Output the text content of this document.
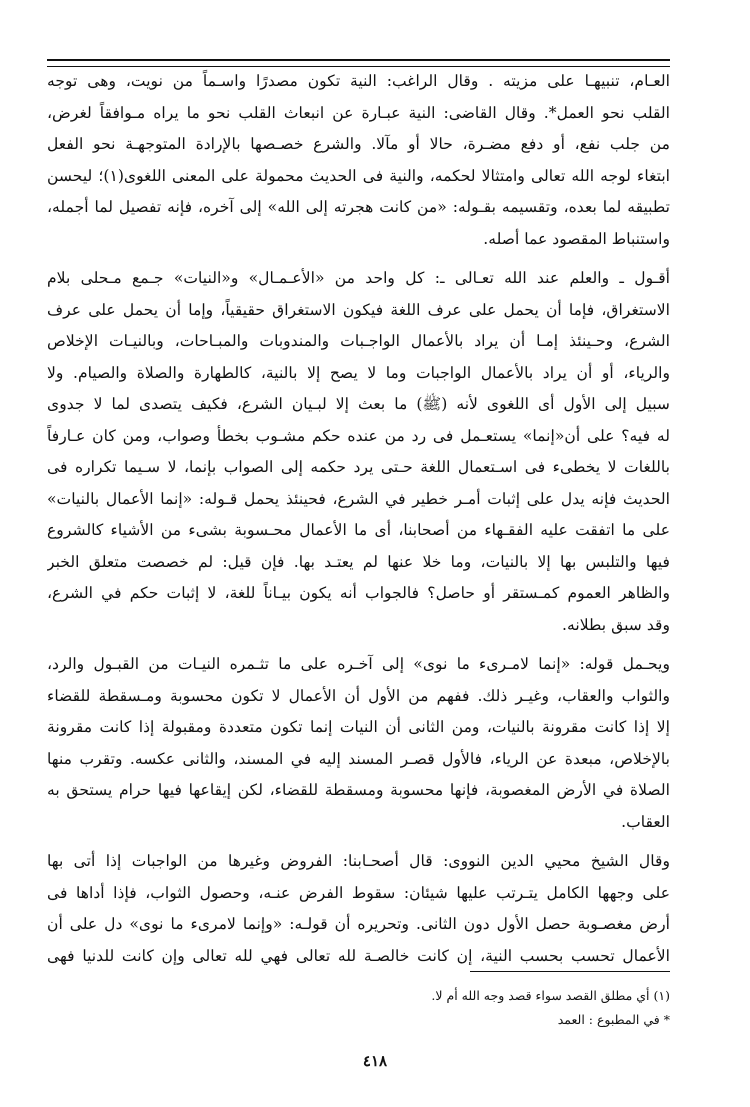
العـام، تنبيهـا على مزيته . وقال الراغب: النية تكون مصدرًا واسـماً من نويت، وهى توجه
القلب نحو العمل*. وقال القاضى: النية عبـارة عن انبعاث القلب نحو ما يراه مـوافقاً لغرض،
من جلب نفع، أو دفع مضـرة، حالا أو مآلا. والشرع خصـصها بالإرادة المتوجهـة نحو الفعل
ابتغاء لوجه الله تعالى وامتثالا لحكمه، والنية فى الحديث محمولة على المعنى اللغوى(١)؛ ليحسن
تطبيقه لما بعده، وتقسيمه بقـوله: «من كانت هجرته إلى الله» إلى آخره، فإنه تفصيل لما أجمله،
واستنباط المقصود عما أصله.
أقـول ـ والعلم عند الله تعـالى ـ: كل واحد من «الأعـمـال» و«النيات» جـمع مـحلى بلام
الاستغراق، فإما أن يحمل على عرف اللغة فيكون الاستغراق حقيقياً، وإما أن يحمل على عرف
الشرع، وحـينئذ إمـا أن يراد بالأعمال الواجـبات والمندوبات والمبـاحات، وبالنيـات الإخلاص
والرياء، أو أن يراد بالأعمال الواجبات وما لا يصح إلا بالنية، كالطهارة والصلاة والصيام. ولا
سبيل إلى الأول أى اللغوى لأنه (ﷺ) ما بعث إلا لبـيان الشرع، فكيف يتصدى لما لا جدوى
له فيه؟ على أن«إنما» يستعـمل فى رد من عنده حكم مشـوب بخطأ وصواب، ومن كان عـارفاً
باللغات لا يخطىء فى اسـتعمال اللغة حـتى يرد حكمه إلى الصواب بإنما، لا سـيما تكراره فى
الحديث فإنه يدل على إثبات أمـر خطير في الشرع، فحينئذ يحمل قـوله: «إنما الأعمال بالنيات»
على ما اتفقت عليه الفقـهاء من أصحابنا، أى ما الأعمال محـسوبة بشىء من الأشياء كالشروع
فيها والتلبس بها إلا بالنيات، وما خلا عنها لم يعتـد بها. فإن قيل: لم خصصت متعلق الخبر
والظاهر العموم كمـستقر أو حاصل؟ فالجواب أنه يكون بيـاناً للغة، لا إثبات حكم في الشرع،
وقد سبق بطلانه.
ويحـمل قوله: «إنما لامـرىء ما نوى» إلى آخـره على ما تثـمره النيـات من القبـول والرد،
والثواب والعقاب، وغيـر ذلك. ففهم من الأول أن الأعمال لا تكون محسوبة ومـسقطة للقضاء
إلا إذا كانت مقرونة بالنيات، ومن الثانى أن النيات إنما تكون متعددة ومقبولة إذا كانت مقرونة
بالإخلاص، مبعدة عن الرياء، فالأول قصـر المسند إليه في المسند، والثانى عكسه. وتقرب منها
الصلاة في الأرض المغصوبة، فإنها محسوبة ومسقطة للقضاء، لكن إيقاعها فيها حرام يستحق به
العقاب.
وقال الشيخ محيي الدين النووى: قال أصحـابنا: الفروض وغيرها من الواجبات إذا أتى بها
على وجهها الكامل يتـرتب عليها شيئان: سقوط الفرض عنـه، وحصول الثواب، فإذا أداها فى
أرض مغصـوبة حصل الأول دون الثانى. وتحريره أن قولـه: «وإنما لامرىء ما نوى» دل على أن
الأعمال تحسب بحسب النية، إن كانت خالصـة لله تعالى فهي لله تعالى وإن كانت للدنيا فهى
(١) أي مطلق القصد سواء قصد وجه الله أم لا.
* في المطبوع : العمد
٤١٨
